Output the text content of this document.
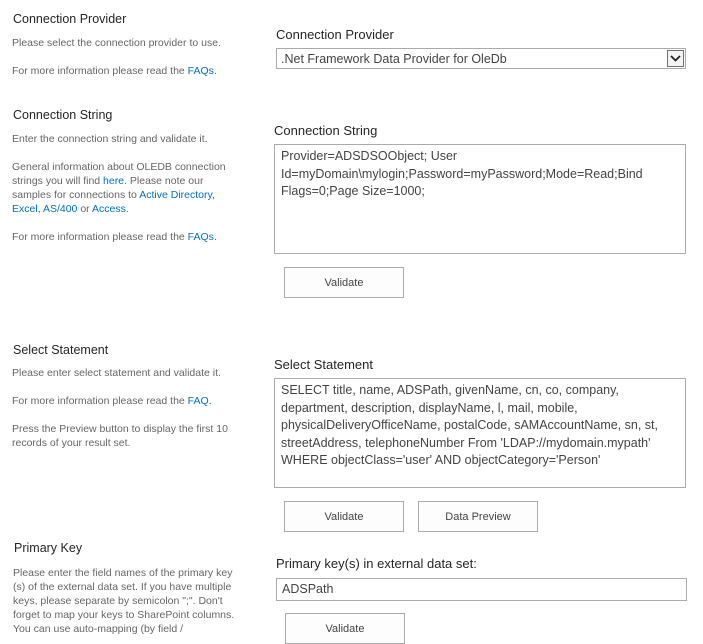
Connection Provider
Please select the connection provider to use.
For more information please read the FAQs.
Connection Provider
.Net Framework Data Provider for OleDb
Connection String
Enter the connection string and validate it.
General information about OLEDB connection strings you will find here. Please note our samples for connections to Active Directory, Excel, AS/400 or Access.
For more information please read the FAQs.
Connection String
Provider=ADSDSOObject; User Id=myDomain\mylogin;Password=myPassword;Mode=Read;Bind Flags=0;Page Size=1000;
Validate
Select Statement
Please enter select statement and validate it.
For more information please read the FAQ.
Press the Preview button to display the first 10 records of your result set.
Select Statement
SELECT title, name, ADSPath, givenName, cn, co, company, department, description, displayName, l, mail, mobile, physicalDeliveryOfficeName, postalCode, sAMAccountName, sn, st, streetAddress, telephoneNumber From 'LDAP://mydomain.mypath' WHERE objectClass='user' AND objectCategory='Person'
Validate	Data Preview
Primary Key
Please enter the field names of the primary key (s) of the external data set. If you have multiple keys, please separate by semicolon ";". Don't forget to map your keys to SharePoint columns. You can use auto-mapping (by field /
Primary key(s) in external data set:
ADSPath
Validate
